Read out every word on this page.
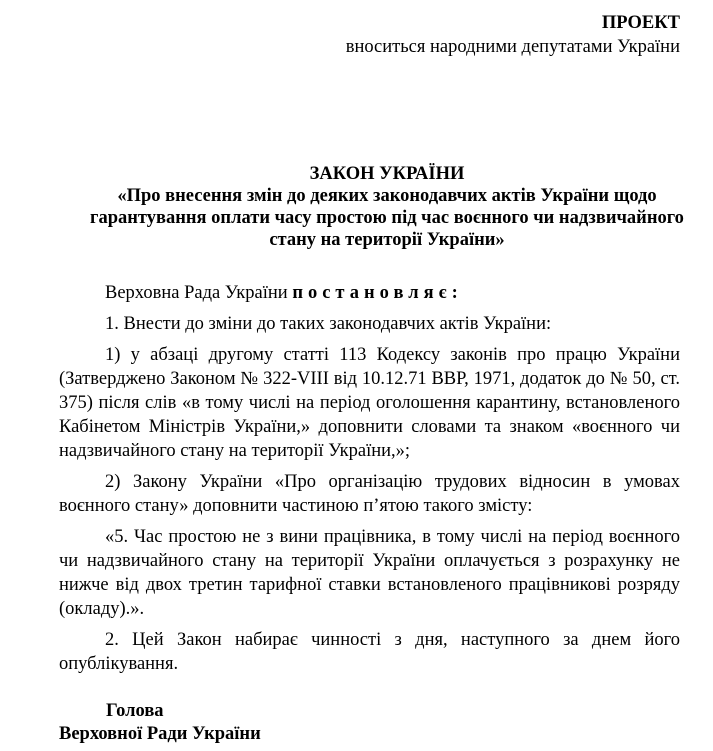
ПРОЕКТ
вноситься народними депутатами України
ЗАКОН УКРАЇНИ
«Про внесення змін до деяких законодавчих актів України щодо
гарантування оплати часу простою під час воєнного чи надзвичайного
стану на території України»

Верховна Рада України постановляє:

1. Внести до зміни до таких законодавчих актів України:

1) у абзаці другому статті 113 Кодексу законів про працю України (Затверджено Законом № 322-VIII від 10.12.71 ВВР, 1971, додаток до № 50, ст. 375) після слів «в тому числі на період оголошення карантину, встановленого Кабінетом Міністрів України,» доповнити словами та знаком «воєнного чи надзвичайного стану на території України,»;

2) Закону України «Про організацію трудових відносин в умовах воєнного стану» доповнити частиною п’ятою такого змісту:

«5. Час простою не з вини працівника, в тому числі на період воєнного чи надзвичайного стану на території України оплачується з розрахунку не нижче від двох третин тарифної ставки встановленого працівникові розряду (окладу).».

2. Цей Закон набирає чинності з дня, наступного за днем його опублікування.

Голова
Верховної Ради України
